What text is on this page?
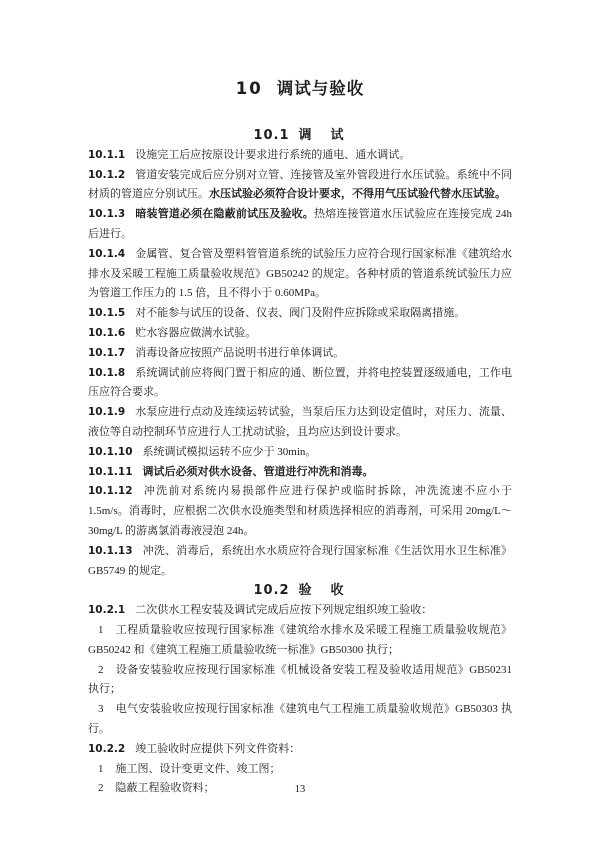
10 调试与验收
10.1 调　试

10.1.1 设施完工后应按原设计要求进行系统的通电、通水调试。

10.1.2 管道安装完成后应分别对立管、连接管及室外管段进行水压试验。系统中不同材质的管道应分别试压。水压试验必须符合设计要求，不得用气压试验代替水压试验。

10.1.3 暗装管道必须在隐蔽前试压及验收。热熔连接管道水压试验应在连接完成 24h 后进行。

10.1.4 金属管、复合管及塑料管管道系统的试验压力应符合现行国家标准《建筑给水排水及采暖工程施工质量验收规范》GB50242 的规定。各种材质的管道系统试验压力应为管道工作压力的 1.5 倍，且不得小于 0.60MPa。

10.1.5 对不能参与试压的设备、仪表、阀门及附件应拆除或采取隔离措施。

10.1.6 贮水容器应做满水试验。

10.1.7 消毒设备应按照产品说明书进行单体调试。

10.1.8 系统调试前应将阀门置于相应的通、断位置，并将电控装置逐级通电，工作电压应符合要求。

10.1.9 水泵应进行点动及连续运转试验，当泵后压力达到设定值时，对压力、流量、液位等自动控制环节应进行人工扰动试验，且均应达到设计要求。

10.1.10 系统调试模拟运转不应少于 30min。

10.1.11 调试后必须对供水设备、管道进行冲洗和消毒。

10.1.12 冲洗前对系统内易损部件应进行保护或临时拆除，冲洗流速不应小于 1.5m/s。消毒时，应根据二次供水设施类型和材质选择相应的消毒剂，可采用 20mg/L～30mg/L 的游离氯消毒液浸泡 24h。

10.1.13 冲洗、消毒后，系统出水水质应符合现行国家标准《生活饮用水卫生标准》GB5749 的规定。

10.2 验　收

10.2.1 二次供水工程安装及调试完成后应按下列规定组织竣工验收：

1 工程质量验收应按现行国家标准《建筑给水排水及采暖工程施工质量验收规范》GB50242 和《建筑工程施工质量验收统一标准》GB50300 执行；

2 设备安装验收应按现行国家标准《机械设备安装工程及验收适用规范》GB50231 执行；

3 电气安装验收应按现行国家标准《建筑电气工程施工质量验收规范》GB50303 执行。

10.2.2 竣工验收时应提供下列文件资料：

1 施工图、设计变更文件、竣工图；

2 隐蔽工程验收资料；	13
